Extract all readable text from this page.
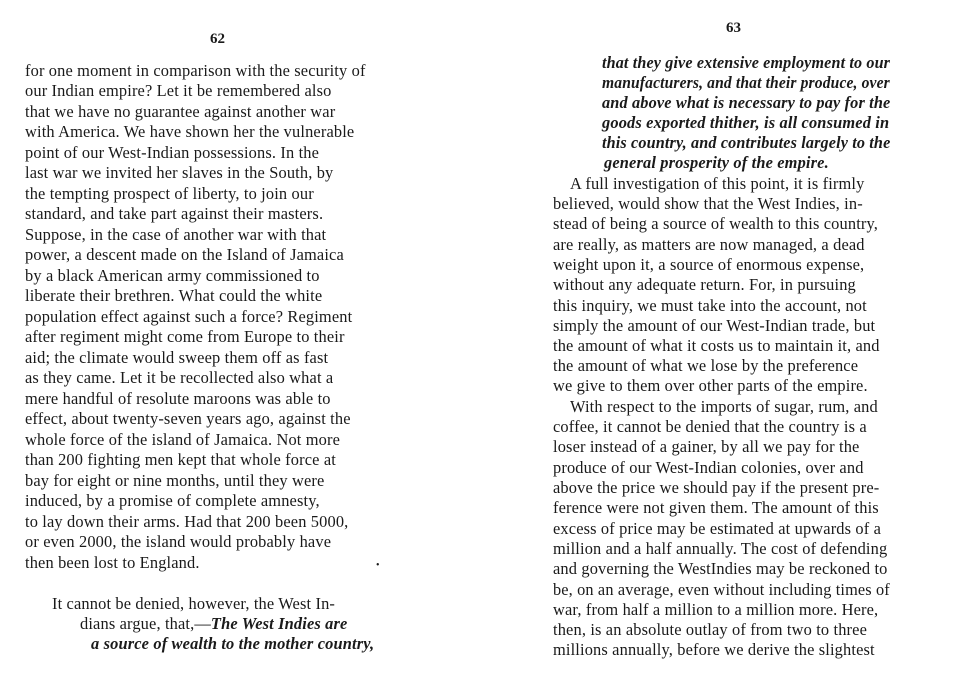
62
for one moment in comparison with the security of
our Indian empire? Let it be remembered also
that we have no guarantee against another war
with America. We have shown her the vulnerable
point of our West-Indian possessions. In the
last war we invited her slaves in the South, by
the tempting prospect of liberty, to join our
standard, and take part against their masters.
Suppose, in the case of another war with that
power, a descent made on the Island of Jamaica
by a black American army commissioned to
liberate their brethren. What could the white
population effect against such a force? Regiment
after regiment might come from Europe to their
aid; the climate would sweep them off as fast
as they came. Let it be recollected also what a
mere handful of resolute maroons was able to
effect, about twenty-seven years ago, against the
whole force of the island of Jamaica. Not more
than 200 fighting men kept that whole force at
bay for eight or nine months, until they were
induced, by a promise of complete amnesty,
to lay down their arms. Had that 200 been 5000,
or even 2000, the island would probably have
then been lost to England.	•
It cannot be denied, however, the West In-
dians argue, that,—The West Indies are
a source of wealth to the mother country,
63
that they give extensive employment to our
manufacturers, and that their produce, over
and above what is necessary to pay for the
goods exported thither, is all consumed in
this country, and contributes largely to the
general prosperity of the empire.
A full investigation of this point, it is firmly
believed, would show that the West Indies, in-
stead of being a source of wealth to this country,
are really, as matters are now managed, a dead
weight upon it, a source of enormous expense,
without any adequate return. For, in pursuing
this inquiry, we must take into the account, not
simply the amount of our West-Indian trade, but
the amount of what it costs us to maintain it, and
the amount of what we lose by the preference
we give to them over other parts of the empire.
With respect to the imports of sugar, rum, and
coffee, it cannot be denied that the country is a
loser instead of a gainer, by all we pay for the
produce of our West-Indian colonies, over and
above the price we should pay if the present pre-
ference were not given them. The amount of this
excess of price may be estimated at upwards of a
million and a half annually. The cost of defending
and governing the WestIndies may be reckoned to
be, on an average, even without including times of
war, from half a million to a million more. Here,
then, is an absolute outlay of from two to three
millions annually, before we derive the slightest
